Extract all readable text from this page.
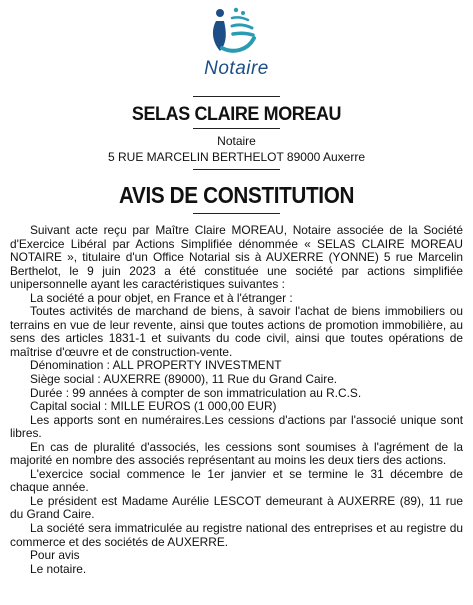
Notaire
SELAS CLAIRE MOREAU
Notaire
5 RUE MARCELIN BERTHELOT 89000 Auxerre
AVIS DE CONSTITUTION

Suivant acte reçu par Maître Claire MOREAU, Notaire associée de la Société d'Exercice Libéral par Actions Simplifiée dénommée « SELAS CLAIRE MOREAU NOTAIRE », titulaire d'un Office Notarial sis à AUXERRE (YONNE) 5 rue Marcelin Berthelot, le 9 juin 2023 a été constituée une société par actions simplifiée unipersonnelle ayant les caractéristiques suivantes :

La société a pour objet, en France et à l'étranger :

Toutes activités de marchand de biens, à savoir l'achat de biens immobiliers ou terrains en vue de leur revente, ainsi que toutes actions de promotion immobilière, au sens des articles 1831-1 et suivants du code civil, ainsi que toutes opérations de maîtrise d'œuvre et de construction-vente.

Dénomination : ALL PROPERTY INVESTMENT

Siège social : AUXERRE (89000), 11 Rue du Grand Caire.

Durée : 99 années à compter de son immatriculation au R.C.S.

Capital social : MILLE EUROS (1 000,00 EUR)

Les apports sont en numéraires.Les cessions d'actions par l'associé unique sont libres.

En cas de pluralité d'associés, les cessions sont soumises à l'agrément de la majorité en nombre des associés représentant au moins les deux tiers des actions.

L'exercice social commence le 1er janvier et se termine le 31 décembre de chaque année.

Le président est Madame Aurélie LESCOT demeurant à AUXERRE (89), 11 rue du Grand Caire.

La société sera immatriculée au registre national des entreprises et au registre du commerce et des sociétés de AUXERRE.

Pour avis

Le notaire.
